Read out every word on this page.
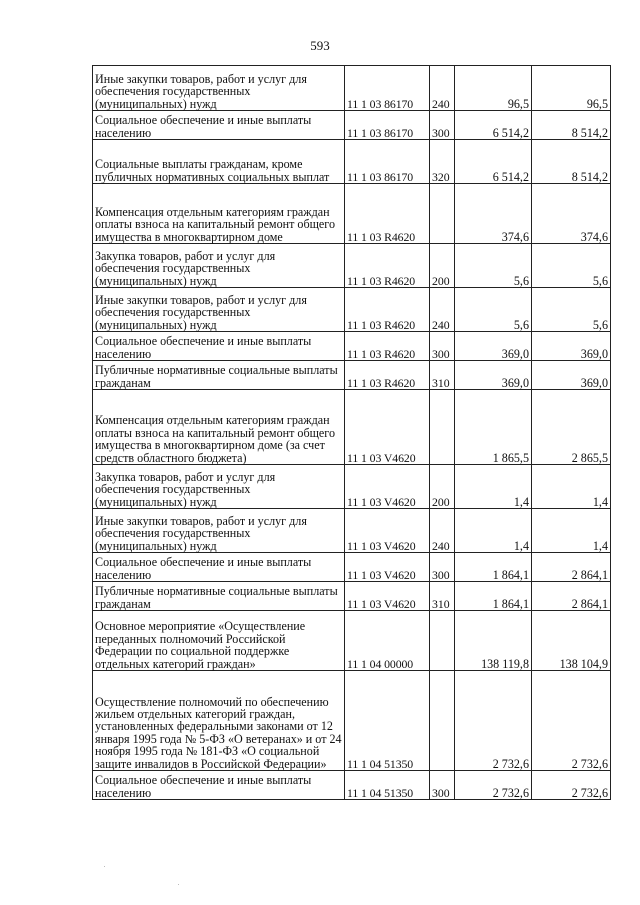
593
Иные закупки товаров, работ и услуг для обеспечения государственных (муниципальных) нужд	11 1 03 86170	240	96,5	96,5
Социальное обеспечение и иные выплаты населению	11 1 03 86170	300	6 514,2	8 514,2
Социальные выплаты гражданам, кроме публичных нормативных социальных выплат	11 1 03 86170	320	6 514,2	8 514,2
Компенсация отдельным категориям граждан оплаты взноса на капитальный ремонт общего имущества в многоквартирном доме	11 1 03 R4620		374,6	374,6
Закупка товаров, работ и услуг для обеспечения государственных (муниципальных) нужд	11 1 03 R4620	200	5,6	5,6
Иные закупки товаров, работ и услуг для обеспечения государственных (муниципальных) нужд	11 1 03 R4620	240	5,6	5,6
Социальное обеспечение и иные выплаты населению	11 1 03 R4620	300	369,0	369,0
Публичные нормативные социальные выплаты гражданам	11 1 03 R4620	310	369,0	369,0
Компенсация отдельным категориям граждан оплаты взноса на капитальный ремонт общего имущества в многоквартирном доме (за счет средств областного бюджета)	11 1 03 V4620		1 865,5	2 865,5
Закупка товаров, работ и услуг для обеспечения государственных (муниципальных) нужд	11 1 03 V4620	200	1,4	1,4
Иные закупки товаров, работ и услуг для обеспечения государственных (муниципальных) нужд	11 1 03 V4620	240	1,4	1,4
Социальное обеспечение и иные выплаты населению	11 1 03 V4620	300	1 864,1	2 864,1
Публичные нормативные социальные выплаты гражданам	11 1 03 V4620	310	1 864,1	2 864,1
Основное мероприятие «Осуществление переданных полномочий Российской Федерации по социальной поддержке отдельных категорий граждан»	11 1 04 00000		138 119,8	138 104,9
Осуществление полномочий по обеспечению жильем отдельных категорий граждан, установленных федеральными законами от 12 января 1995 года № 5-ФЗ «О ветеранах» и от 24 ноября 1995 года № 181-ФЗ «О социальной защите инвалидов в Российской Федерации»	11 1 04 51350		2 732,6	2 732,6
Социальное обеспечение и иные выплаты населению	11 1 04 51350	300	2 732,6	2 732,6
